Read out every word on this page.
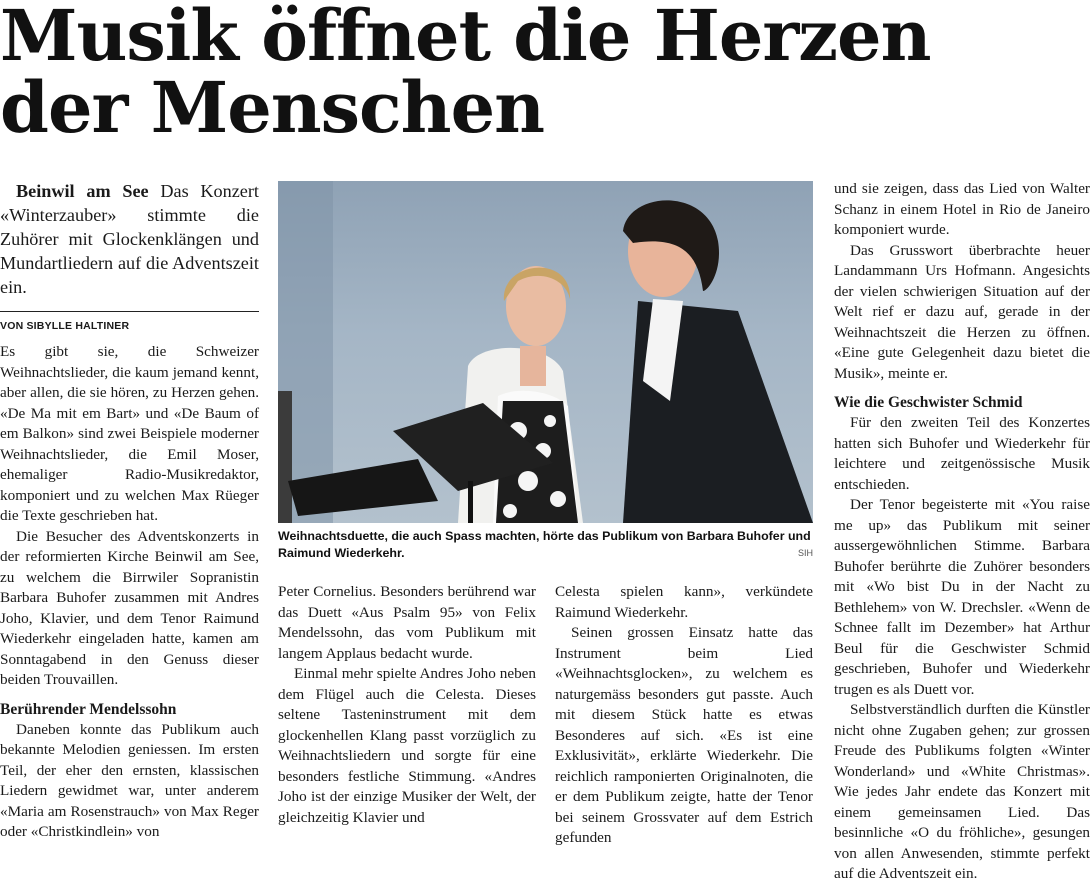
Musik öffnet die Herzen
der Menschen

Beinwil am See Das Konzert «Winterzauber» stimmte die Zuhörer mit Glockenklängen und Mundartliedern auf die Adventszeit ein.

VON SIBYLLE HALTINER

Es gibt sie, die Schweizer Weihnachtslieder, die kaum jemand kennt, aber allen, die sie hören, zu Herzen gehen. «De Ma mit em Bart» und «De Baum of em Balkon» sind zwei Beispiele moderner Weihnachtslieder, die Emil Moser, ehemaliger Radio-Musikredaktor, komponiert und zu welchen Max Rüeger die Texte geschrieben hat.

Die Besucher des Adventskonzerts in der reformierten Kirche Beinwil am See, zu welchem die Birrwiler Sopranistin Barbara Buhofer zusammen mit Andres Joho, Klavier, und dem Tenor Raimund Wiederkehr eingeladen hatte, kamen am Sonntagabend in den Genuss dieser beiden Trouvaillen.

Berührender Mendelssohn

Daneben konnte das Publikum auch bekannte Melodien geniessen. Im ersten Teil, der eher den ernsten, klassischen Liedern gewidmet war, unter anderem «Maria am Rosenstrauch» von Max Reger oder «Christkindlein» von

Weihnachtsduette, die auch Spass machten, hörte das Publikum von Barbara Buhofer und Raimund Wiederkehr.	SIH

Peter Cornelius. Besonders berührend war das Duett «Aus Psalm 95» von Felix Mendelssohn, das vom Publikum mit langem Applaus bedacht wurde.

Einmal mehr spielte Andres Joho neben dem Flügel auch die Celesta. Dieses seltene Tasteninstrument mit dem glockenhellen Klang passt vorzüglich zu Weihnachtsliedern und sorgte für eine besonders festliche Stimmung. «Andres Joho ist der einzige Musiker der Welt, der gleichzeitig Klavier und

Celesta spielen kann», verkündete Raimund Wiederkehr.

Seinen grossen Einsatz hatte das Instrument beim Lied «Weihnachtsglocken», zu welchem es naturgemäss besonders gut passte. Auch mit diesem Stück hatte es etwas Besonderes auf sich. «Es ist eine Exklusivität», erklärte Wiederkehr. Die reichlich ramponierten Originalnoten, die er dem Publikum zeigte, hatte der Tenor bei seinem Grossvater auf dem Estrich gefunden

und sie zeigen, dass das Lied von Walter Schanz in einem Hotel in Rio de Janeiro komponiert wurde.

Das Grusswort überbrachte heuer Landammann Urs Hofmann. Angesichts der vielen schwierigen Situation auf der Welt rief er dazu auf, gerade in der Weihnachtszeit die Herzen zu öffnen. «Eine gute Gelegenheit dazu bietet die Musik», meinte er.

Wie die Geschwister Schmid

Für den zweiten Teil des Konzertes hatten sich Buhofer und Wiederkehr für leichtere und zeitgenössische Musik entschieden.

Der Tenor begeisterte mit «You raise me up» das Publikum mit seiner aussergewöhnlichen Stimme. Barbara Buhofer berührte die Zuhörer besonders mit «Wo bist Du in der Nacht zu Bethlehem» von W. Drechsler. «Wenn de Schnee fallt im Dezember» hat Arthur Beul für die Geschwister Schmid geschrieben, Buhofer und Wiederkehr trugen es als Duett vor.

Selbstverständlich durften die Künstler nicht ohne Zugaben gehen; zur grossen Freude des Publikums folgten «Winter Wonderland» und «White Christmas». Wie jedes Jahr endete das Konzert mit einem gemeinsamen Lied. Das besinnliche «O du fröhliche», gesungen von allen Anwesenden, stimmte perfekt auf die Adventszeit ein.
